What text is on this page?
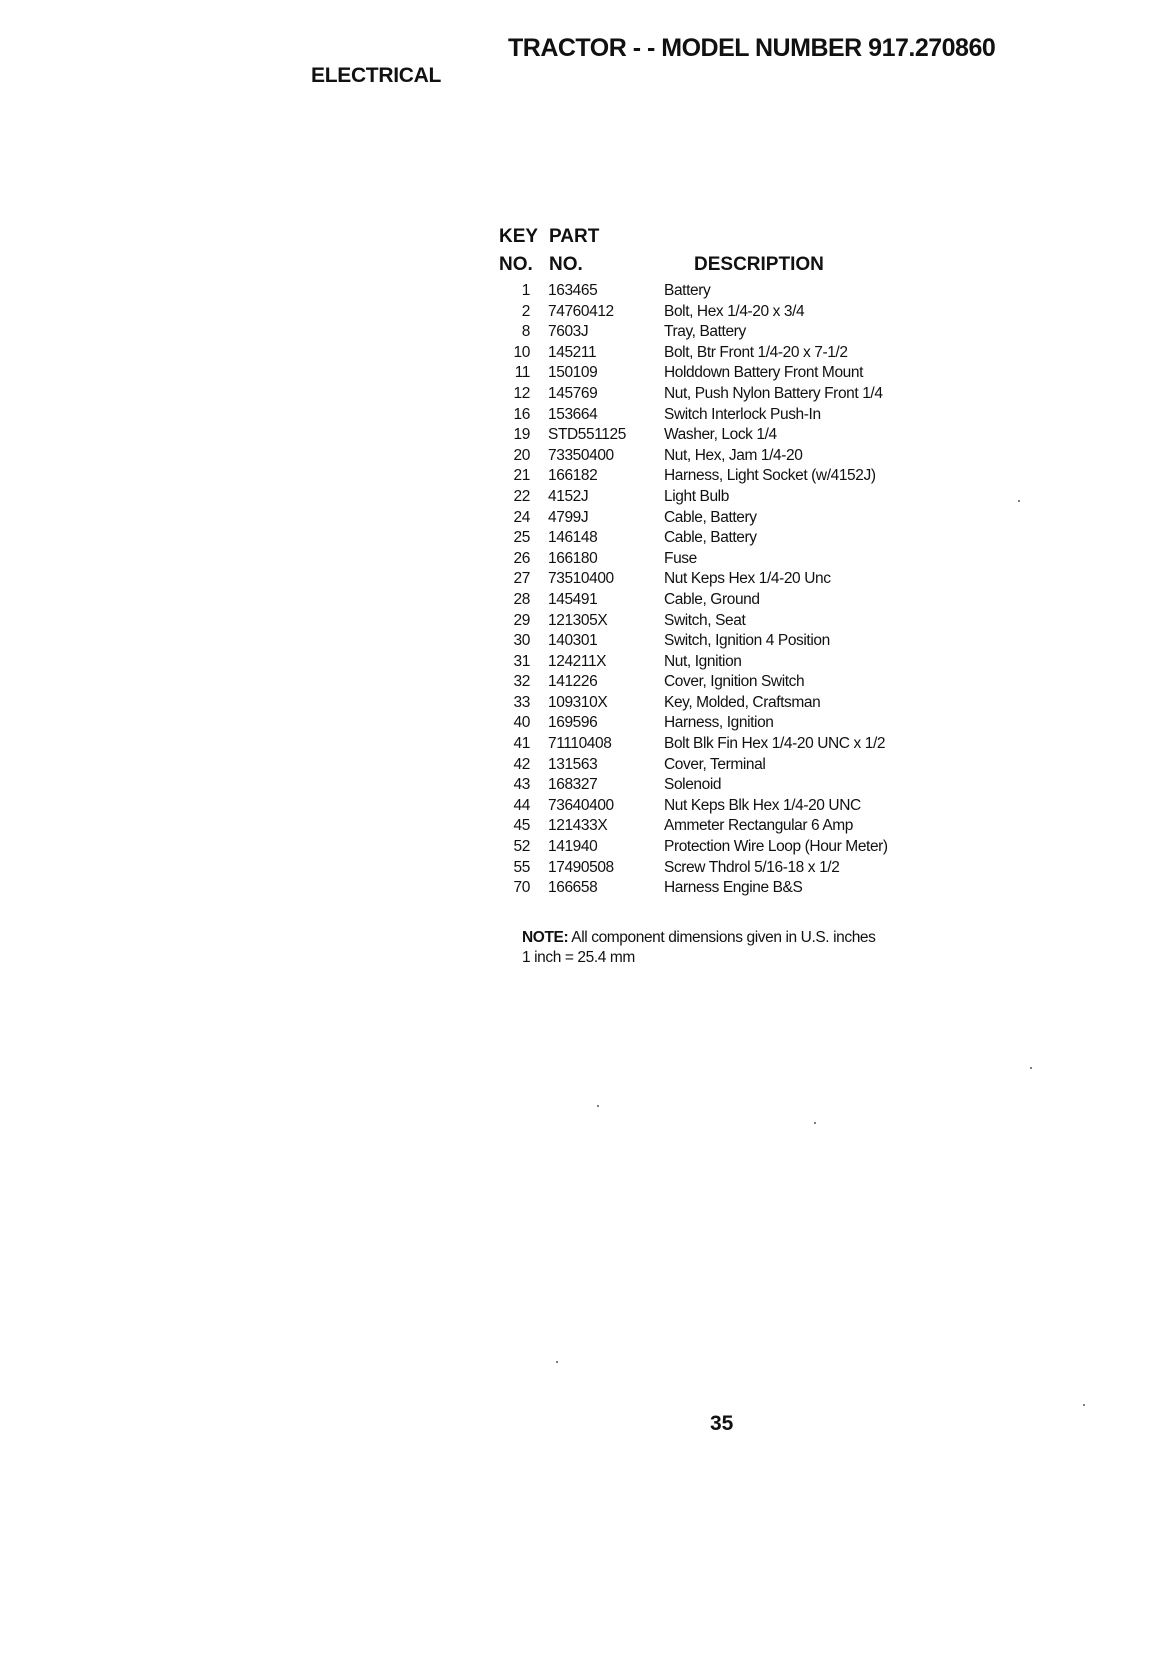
TRACTOR - - MODEL NUMBER 917.270860
ELECTRICAL
KEY
NO.
PART
NO.	DESCRIPTION
1	163465	Battery
2	74760412	Bolt, Hex 1/4-20 x 3/4
8	7603J	Tray, Battery
10	145211	Bolt, Btr Front 1/4-20 x 7-1/2
11	150109	Holddown Battery Front Mount
12	145769	Nut, Push Nylon Battery Front 1/4
16	153664	Switch Interlock Push-In
19	STD551125	Washer, Lock 1/4
20	73350400	Nut, Hex, Jam 1/4-20
21	166182	Harness, Light Socket (w/4152J)
22	4152J	Light Bulb
24	4799J	Cable, Battery
25	146148	Cable, Battery
26	166180	Fuse
27	73510400	Nut Keps Hex 1/4-20 Unc
28	145491	Cable, Ground
29	121305X	Switch, Seat
30	140301	Switch, Ignition 4 Position
31	124211X	Nut, Ignition
32	141226	Cover, Ignition Switch
33	109310X	Key, Molded, Craftsman
40	169596	Harness, Ignition
41	71110408	Bolt Blk Fin Hex 1/4-20 UNC x 1/2
42	131563	Cover, Terminal
43	168327	Solenoid
44	73640400	Nut Keps Blk Hex 1/4-20 UNC
45	121433X	Ammeter Rectangular 6 Amp
52	141940	Protection Wire Loop (Hour Meter)
55	17490508	Screw Thdrol 5/16-18 x 1/2
70	166658	Harness Engine B&S
NOTE: All component dimensions given in U.S. inches
1 inch = 25.4 mm
35
